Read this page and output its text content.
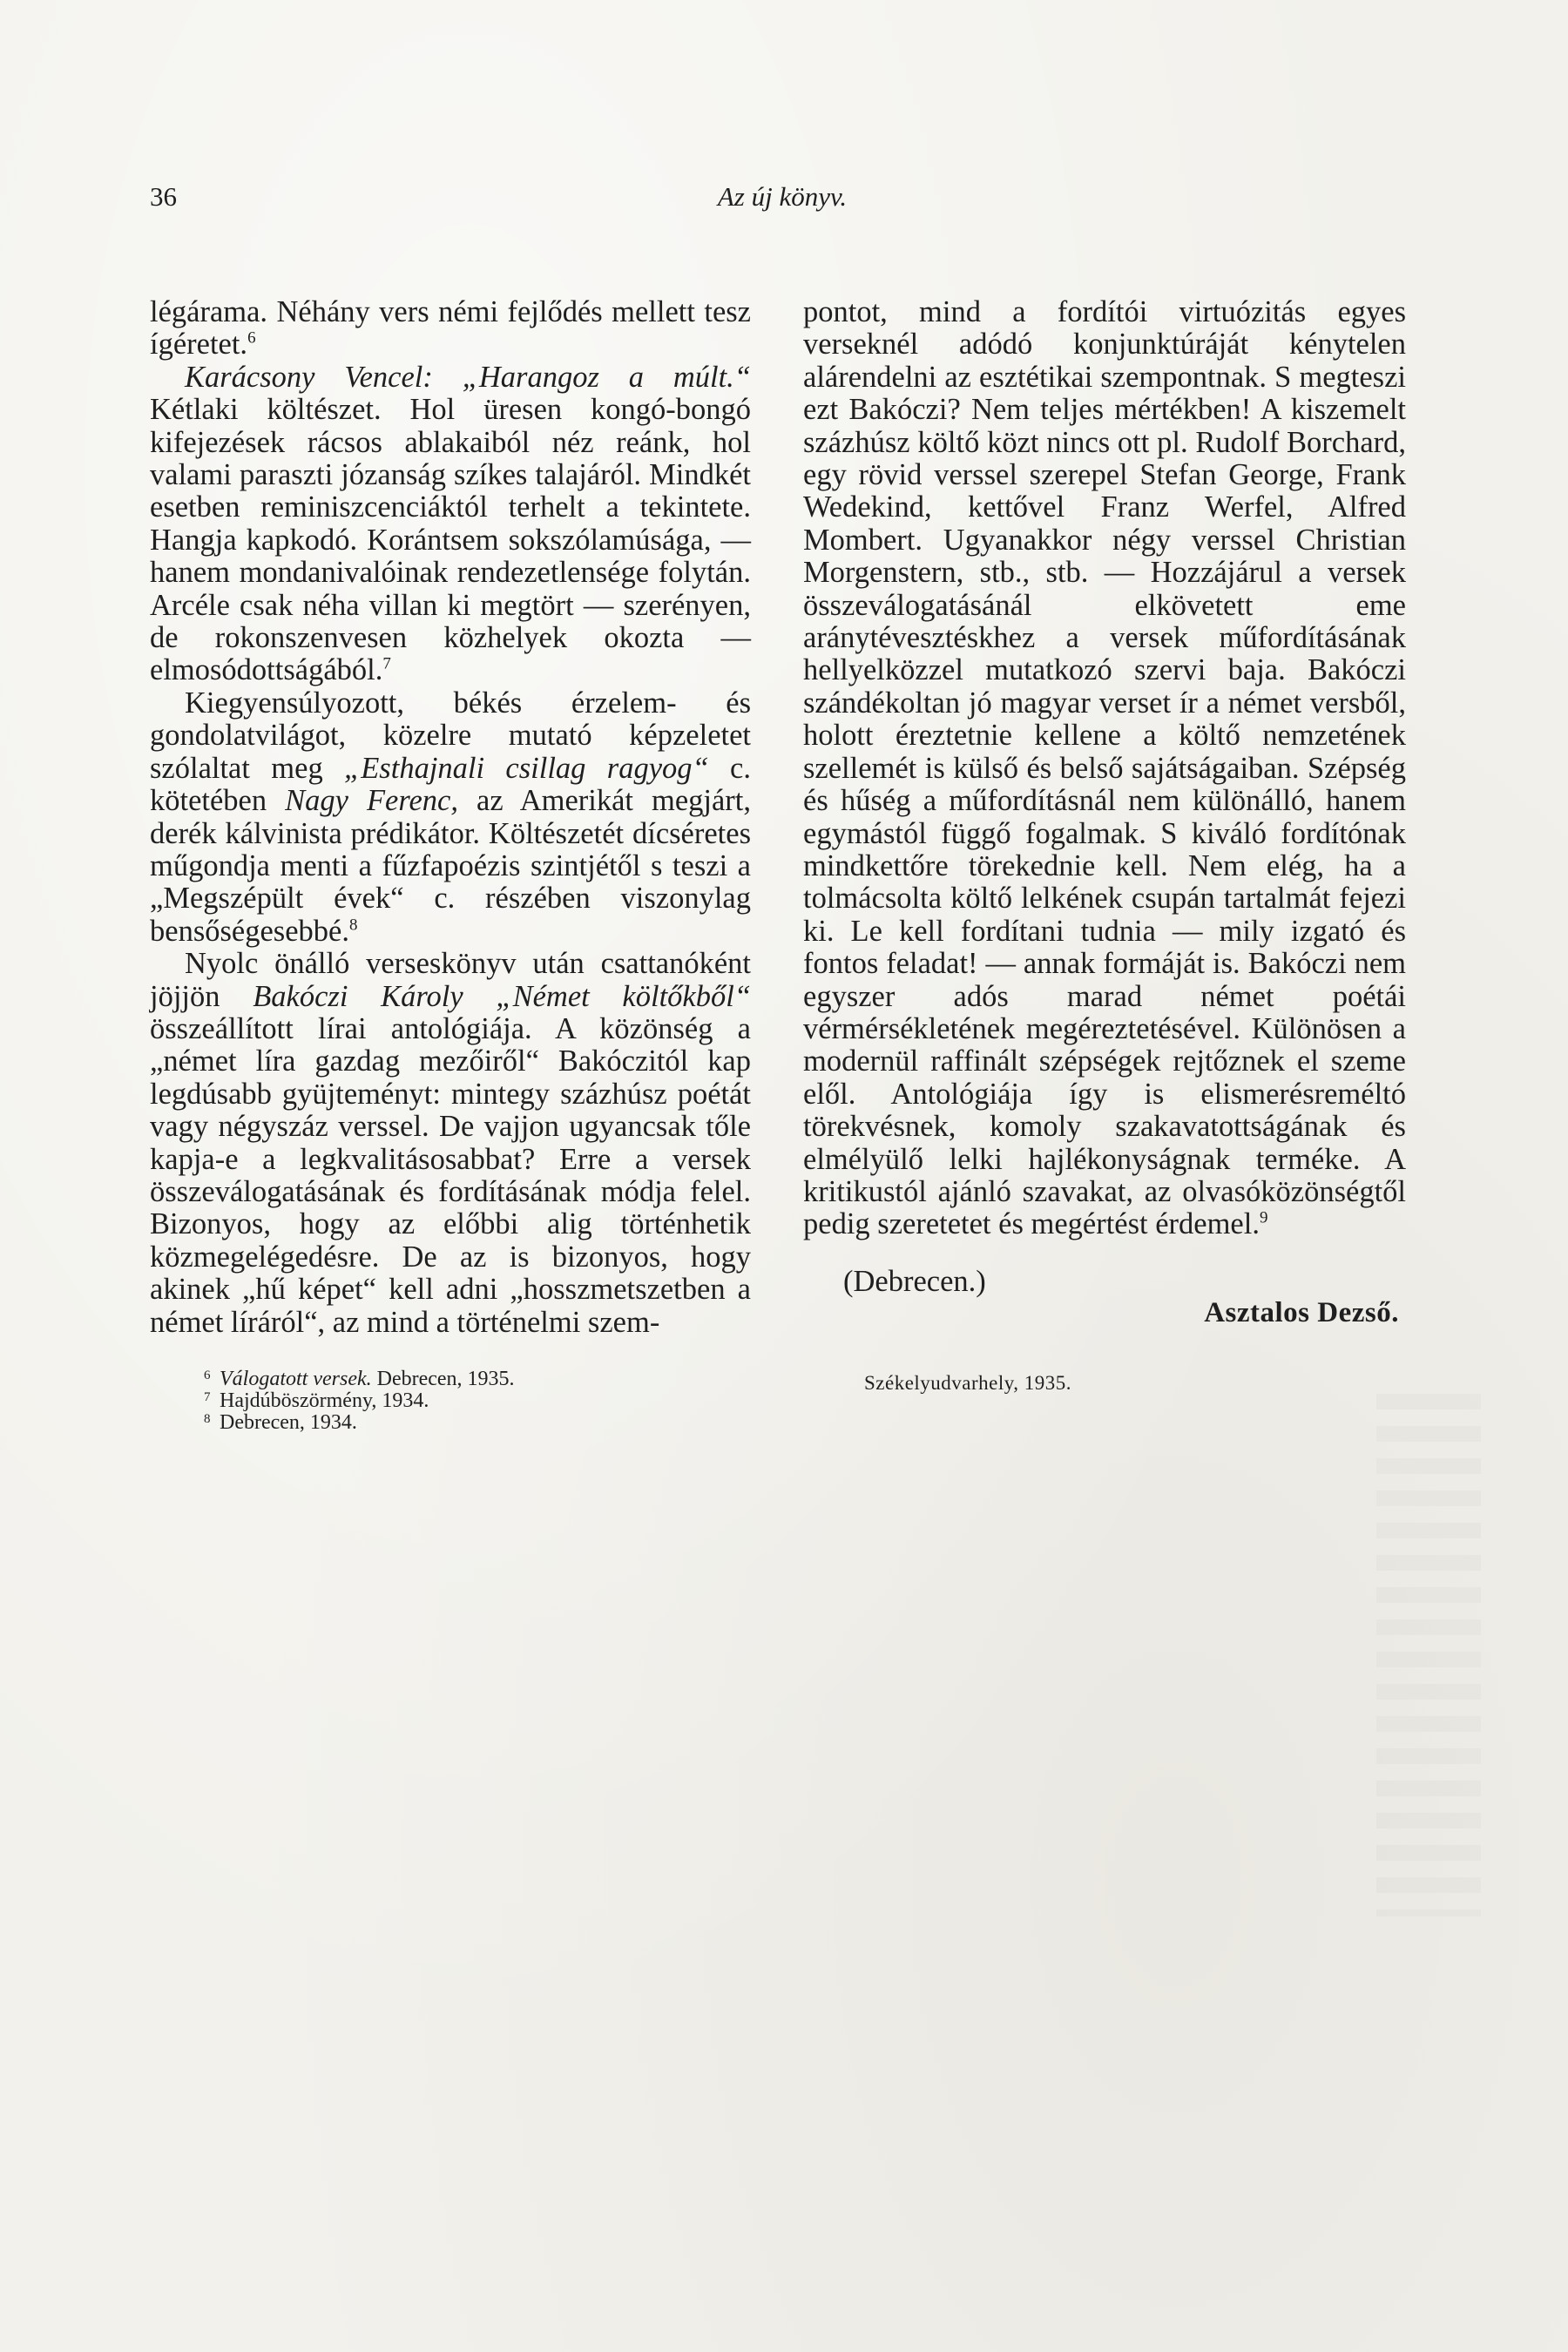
36	Az új könyv.

légárama. Néhány vers némi fejlődés mellett tesz ígéretet.$^6$

Karácsony Vencel: „Harangoz a múlt.“ Kétlaki költészet. Hol üresen kongó-bongó kifejezések rácsos ablakaiból néz reánk, hol valami paraszti józanság szíkes talajáról. Mindkét esetben reminiszcenciáktól terhelt a tekintete. Hangja kapkodó. Korántsem sokszólamúsága, — hanem mondanivalóinak rendezetlensége folytán. Arcéle csak néha villan ki megtört — szerényen, de rokonszenvesen közhelyek okozta — elmosódottságából.$^7$

Kiegyensúlyozott, békés érzelem- és gondolatvilágot, közelre mutató képzeletet szólaltat meg „Esthajnali csillag ragyog“ c. kötetében Nagy Ferenc, az Amerikát megjárt, derék kálvinista prédikátor. Költészetét dícséretes műgondja menti a fűzfapoézis szintjétől s teszi a „Megszépült évek“ c. részében viszonylag bensőségesebbé.$^8$

Nyolc önálló verseskönyv után csattanóként jöjjön Bakóczi Károly „Német költőkből“ összeállított lírai antológiája. A közönség a „német líra gazdag mezőiről“ Bakóczitól kap legdúsabb gyüjteményt: mintegy százhúsz poétát vagy négyszáz verssel. De vajjon ugyancsak tőle kapja-e a legkvalitásosabbat? Erre a versek összeválogatásának és fordításának módja felel. Bizonyos, hogy az előbbi alig történhetik közmegelégedésre. De az is bizonyos, hogy akinek „hű képet“ kell adni „hosszmetszetben a német líráról“, az mind a történelmi szem-

6 Válogatott versek. Debrecen, 1935.
7 Hajdúböszörmény, 1934.
8 Debrecen, 1934.

pontot, mind a fordítói virtuózitás egyes verseknél adódó konjunktúráját kénytelen alárendelni az esztétikai szempontnak. S megteszi ezt Bakóczi? Nem teljes mértékben! A kiszemelt százhúsz költő közt nincs ott pl. Rudolf Borchard, egy rövid verssel szerepel Stefan George, Frank Wedekind, kettővel Franz Werfel, Alfred Mombert. Ugyanakkor négy verssel Christian Morgenstern, stb., stb. — Hozzájárul a versek összeválogatásánál elkövetett eme aránytévesztéskhez a versek műfordításának hellyelközzel mutatkozó szervi baja. Bakóczi szándékoltan jó magyar verset ír a német versből, holott éreztetnie kellene a költő nemzetének szellemét is külső és belső sajátságaiban. Szépség és hűség a műfordításnál nem különálló, hanem egymástól függő fogalmak. S kiváló fordítónak mindkettőre törekednie kell. Nem elég, ha a tolmácsolta költő lelkének csupán tartalmát fejezi ki. Le kell fordítani tudnia — mily izgató és fontos feladat! — annak formáját is. Bakóczi nem egyszer adós marad német poétái vérmérsékletének megéreztetésével. Különösen a modernül raffinált szépségek rejtőznek el szeme elől. Antológiája így is elismerésreméltó törekvésnek, komoly szakavatottságának és elmélyülő lelki hajlékonyságnak terméke. A kritikustól ajánló szavakat, az olvasóközönségtől pedig szeretetet és megértést érdemel.$^9$

(Debrecen.)
Asztalos Dezső.
Székelyudvarhely, 1935.
